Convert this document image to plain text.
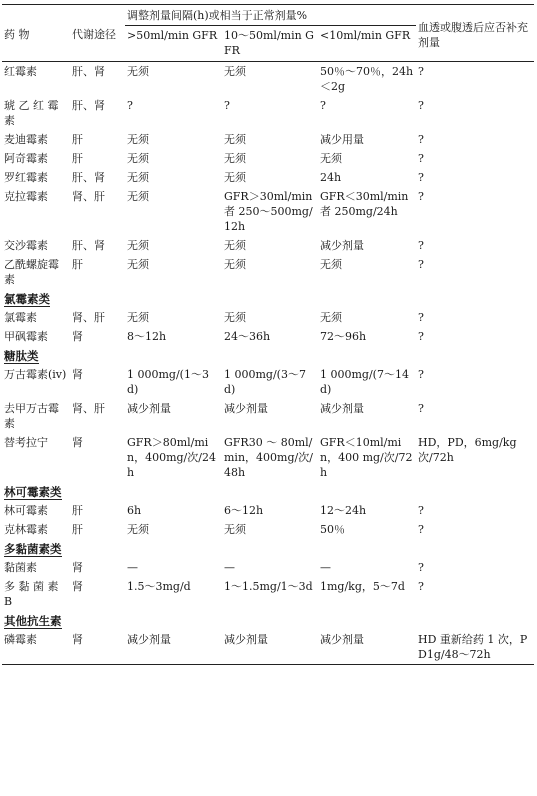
药 物	代谢途径	调整剂量间隔(h)或相当于正常剂量%			血透或腹透后应否补充剂量
		>50ml/min GFR	10～50ml/min GFR	<10ml/min GFR	
红霉素	肝、肾	无须	无须	50％～70％，24h＜2g	?
琥 乙 红 霉素	肝、肾	?	?	?	?
麦迪霉素	肝	无须	无须	减少用量	?
阿奇霉素	肝	无须	无须	无须	?
罗红霉素	肝、肾	无须	无须	24h	?
克拉霉素	肾、肝	无须	GFR＞30ml/min 者 250～500mg/12h	GFR＜30ml/min 者 250mg/24h	?
交沙霉素	肝、肾	无须	无须	减少剂量	?
乙酰螺旋霉素	肝	无须	无须	无须	?
氯霉素类					
氯霉素	肾、肝	无须	无须	无须	?
甲砜霉素	肾	8～12h	24～36h	72～96h	?
糖肽类					
万古霉素(iv)	肾	1 000mg/(1～3d)	1 000mg/(3～7d)	1 000mg/(7～14d)	?
去甲万古霉素	肾、肝	减少剂量	减少剂量	减少剂量	?
替考拉宁	肾	GFR＞80ml/min，400mg/次/24h	GFR30 ～ 80ml/min，400mg/次/48h	GFR＜10ml/min，400 mg/次/72h	HD，PD，6mg/kg 次/72h
林可霉素类					
林可霉素	肝	6h	6～12h	12～24h	?
克林霉素	肝	无须	无须	50％	?
多黏菌素类					
黏菌素	肾	—	—	—	?
多 黏 菌 素 B	肾	1.5～3mg/d	1～1.5mg/1～3d	1mg/kg，5～7d	?
其他抗生素					
磷霉素	肾	减少剂量	减少剂量	减少剂量	HD 重新给药 1 次，PD1g/48～72h
